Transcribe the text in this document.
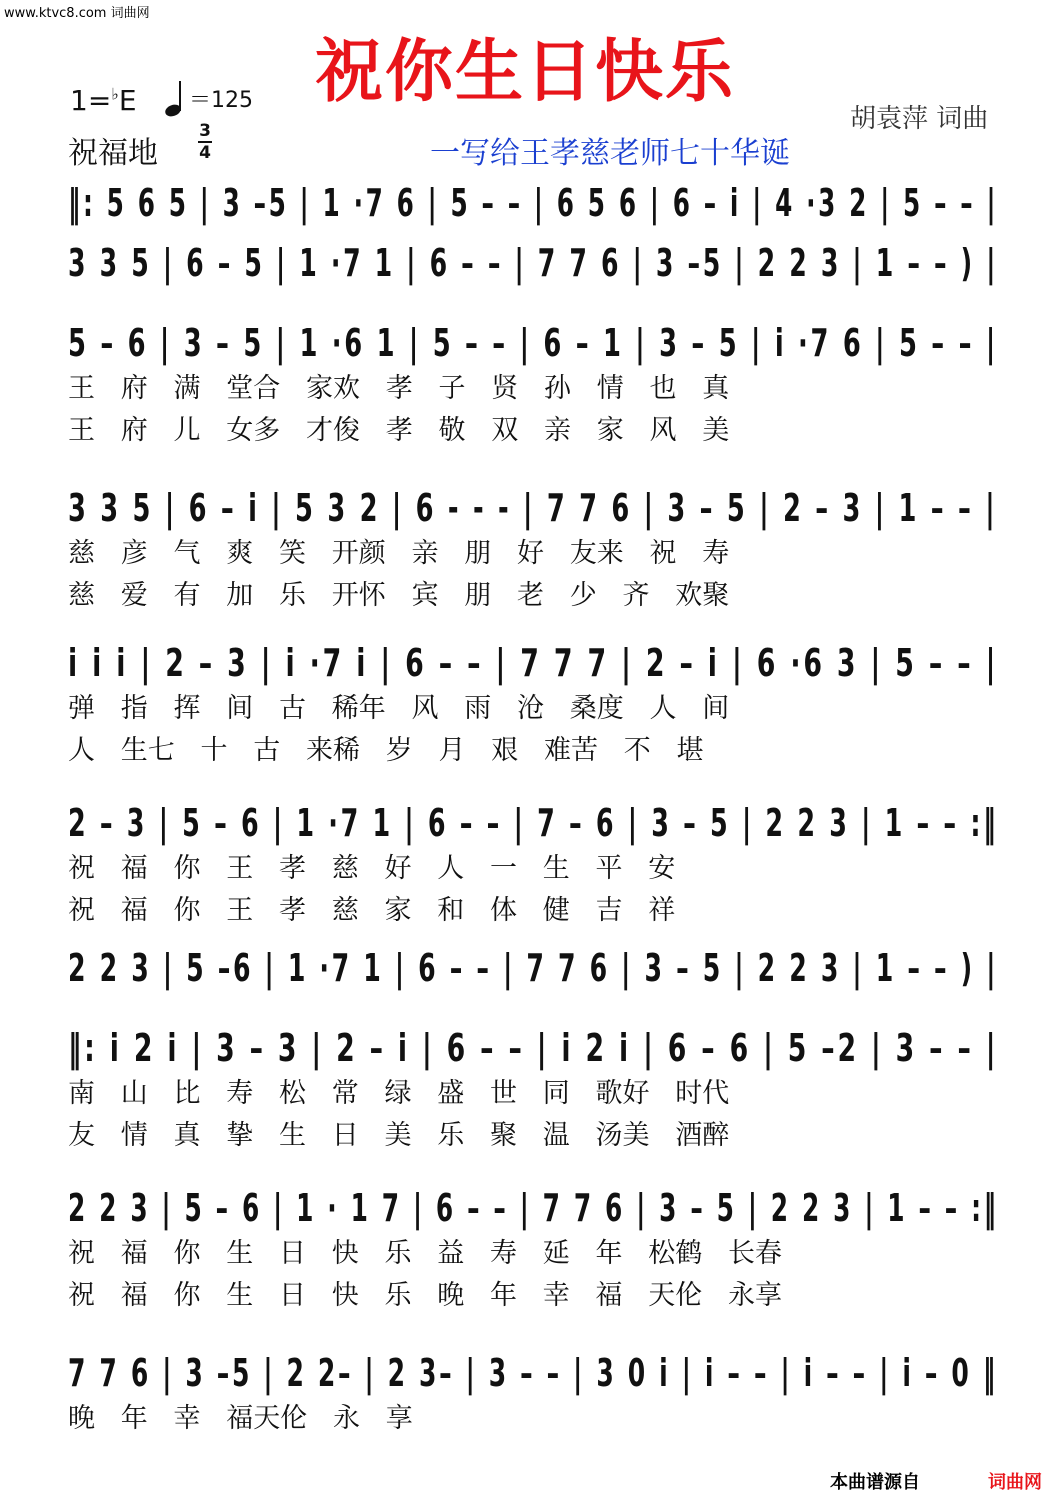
www.ktvc8.com 词曲网
祝你生日快乐
1=♭E ＝125
祝福地
3
4
胡袁萍 词曲
一写给王孝慈老师七十华诞
‖: 5 6 5 | 3 –5 | 1 ·7 6 | 5 – – | 6 5 6 | 6 – i | 4 ·3 2 | 5 – – |
3 3 5 | 6 – 5 | 1 ·7 1 | 6 – – | 7 7 6 | 3 –5 | 2 2 3 | 1 – – ) |
5 – 6 | 3 – 5 | 1 ·6 1 | 5 – – | 6 – 1 | 3 – 5 | i ·7 6 | 5 – – |
王   府   满   堂合   家欢   孝   子   贤   孙   情   也   真
王   府   儿   女多   才俊   孝   敬   双   亲   家   风   美
3 3 5 | 6 – i | 5 3 2 | 6 - - - | 7 7 6 | 3 – 5 | 2 – 3 | 1 – – |
慈   彦   气   爽   笑   开颜   亲   朋   好   友来   祝   寿
慈   爱   有   加   乐   开怀   宾   朋   老   少   齐   欢聚
i i i | 2 – 3 | i ·7 i | 6 – – | 7 7 7 | 2 – i | 6 ·6 3 | 5 – – |
弹   指   挥   间   古   稀年   风   雨   沧   桑度   人   间
人   生七   十   古   来稀   岁   月   艰   难苦   不   堪
2 – 3 | 5 – 6 | 1 ·7 1 | 6 – – | 7 – 6 | 3 – 5 | 2 2 3 | 1 – – :‖
祝   福   你   王   孝   慈   好   人   一   生   平   安
祝   福   你   王   孝   慈   家   和   体   健   吉   祥
2 2 3 | 5 –6 | 1 ·7 1 | 6 – – | 7 7 6 | 3 – 5 | 2 2 3 | 1 – – ) |
‖: i 2 i | 3 – 3 | 2 – i | 6 – – | i 2 i | 6 – 6 | 5 –2 | 3 – – |
南   山   比   寿   松   常   绿   盛   世   同   歌好   时代
友   情   真   挚   生   日   美   乐   聚   温   汤美   酒醉
2 2 3 | 5 – 6 | 1 · 1 7 | 6 – – | 7 7 6 | 3 – 5 | 2 2 3 | 1 – – :‖
祝   福   你   生   日   快   乐   益   寿   延   年   松鹤   长春
祝   福   你   生   日   快   乐   晚   年   幸   福   天伦   永享
7 7 6 | 3 –5 | 2 2– | 2 3– | 3 – – | 3 0 i | i – – | i – – | i – 0 ‖
晚   年   幸   福天伦   永   享
本曲谱源自	词曲网
